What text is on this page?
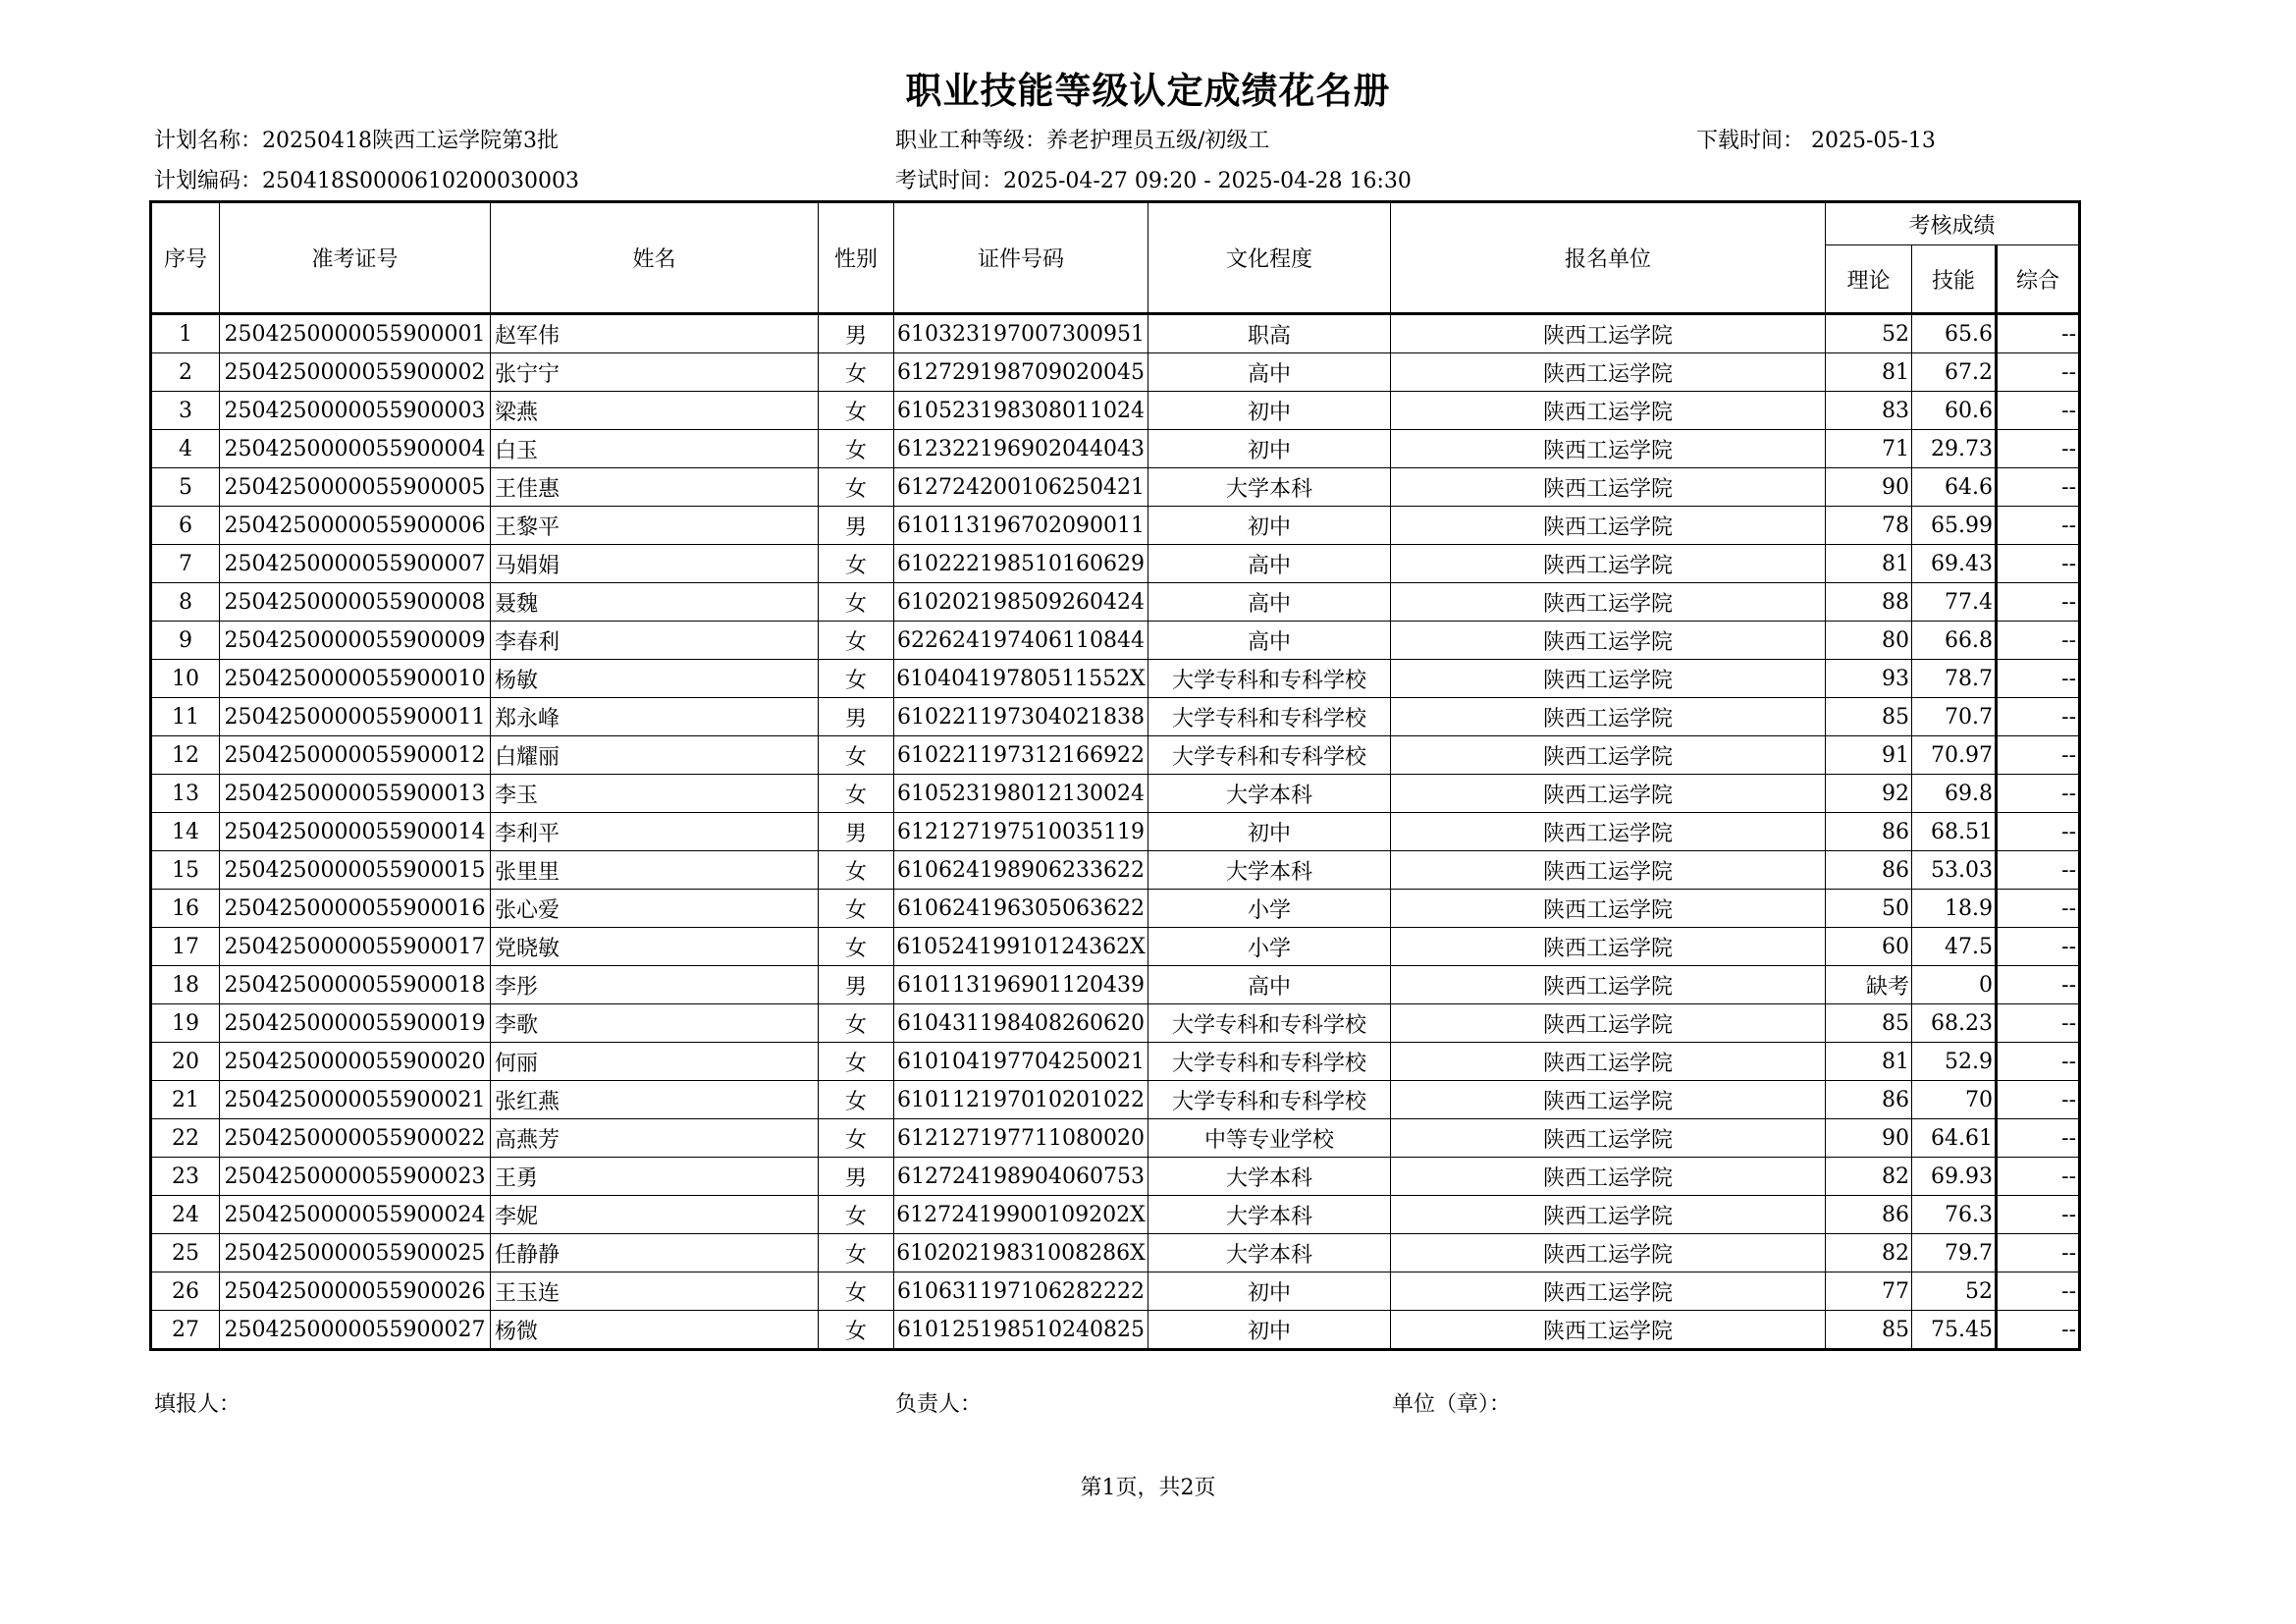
职业技能等级认定成绩花名册
计划名称：20250418陕西工运学院第3批	职业工种等级：养老护理员五级/初级工	下载时间： 2025-05-13
计划编码：250418S0000610200030003	考试时间：2025-04-27 09:20 - 2025-04-28 16:30
序号	准考证号	姓名	性别	证件号码	文化程度	报名单位	考核成绩		
							理论	技能	综合
1	2504250000055900001	赵军伟	男	610323197007300951	职高	陕西工运学院	52	65.6	--
2	2504250000055900002	张宁宁	女	612729198709020045	高中	陕西工运学院	81	67.2	--
3	2504250000055900003	梁燕	女	610523198308011024	初中	陕西工运学院	83	60.6	--
4	2504250000055900004	白玉	女	612322196902044043	初中	陕西工运学院	71	29.73	--
5	2504250000055900005	王佳惠	女	612724200106250421	大学本科	陕西工运学院	90	64.6	--
6	2504250000055900006	王黎平	男	610113196702090011	初中	陕西工运学院	78	65.99	--
7	2504250000055900007	马娟娟	女	610222198510160629	高中	陕西工运学院	81	69.43	--
8	2504250000055900008	聂魏	女	610202198509260424	高中	陕西工运学院	88	77.4	--
9	2504250000055900009	李春利	女	622624197406110844	高中	陕西工运学院	80	66.8	--
10	2504250000055900010	杨敏	女	61040419780511552X	大学专科和专科学校	陕西工运学院	93	78.7	--
11	2504250000055900011	郑永峰	男	610221197304021838	大学专科和专科学校	陕西工运学院	85	70.7	--
12	2504250000055900012	白耀丽	女	610221197312166922	大学专科和专科学校	陕西工运学院	91	70.97	--
13	2504250000055900013	李玉	女	610523198012130024	大学本科	陕西工运学院	92	69.8	--
14	2504250000055900014	李利平	男	612127197510035119	初中	陕西工运学院	86	68.51	--
15	2504250000055900015	张里里	女	610624198906233622	大学本科	陕西工运学院	86	53.03	--
16	2504250000055900016	张心爱	女	610624196305063622	小学	陕西工运学院	50	18.9	--
17	2504250000055900017	党晓敏	女	61052419910124362X	小学	陕西工运学院	60	47.5	--
18	2504250000055900018	李彤	男	610113196901120439	高中	陕西工运学院	缺考	0	--
19	2504250000055900019	李歌	女	610431198408260620	大学专科和专科学校	陕西工运学院	85	68.23	--
20	2504250000055900020	何丽	女	610104197704250021	大学专科和专科学校	陕西工运学院	81	52.9	--
21	2504250000055900021	张红燕	女	610112197010201022	大学专科和专科学校	陕西工运学院	86	70	--
22	2504250000055900022	高燕芳	女	612127197711080020	中等专业学校	陕西工运学院	90	64.61	--
23	2504250000055900023	王勇	男	612724198904060753	大学本科	陕西工运学院	82	69.93	--
24	2504250000055900024	李妮	女	61272419900109202X	大学本科	陕西工运学院	86	76.3	--
25	2504250000055900025	任静静	女	61020219831008286X	大学本科	陕西工运学院	82	79.7	--
26	2504250000055900026	王玉连	女	610631197106282222	初中	陕西工运学院	77	52	--
27	2504250000055900027	杨微	女	610125198510240825	初中	陕西工运学院	85	75.45	--
填报人：	负责人：	单位（章）：
第1页，共2页
